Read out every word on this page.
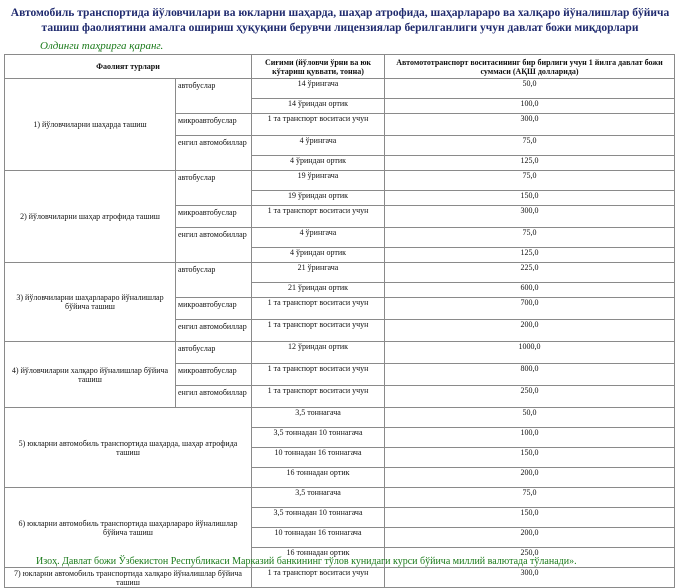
Автомобиль транспортида йўловчилари ва юкларни шаҳарда, шаҳар атрофида, шаҳарлараро ва халқаро йўналишлар бўйича ташиш фаолиятини амалга ошириш ҳуқуқини берувчи лицензиялар берилганлиги учун давлат божи миқдорлари
Олдинги таҳрирга қаранг.
Фаолият турлари		Сиғими (йўловчи ўрни ва юк кўтариш қуввати, тонна)	Автомототранспорт воситасининг бир бирлиги учун 1 йилга давлат божи суммаси (АҚШ долларида)
1) йўловчиларни шаҳарда ташиш	автобуслар	14 ўрингача	50,0
		14 ўриндан ортик	100,0
	микроавтобуслар	1 та транспорт воситаси учун	300,0
	енгил автомобиллар	4 ўрингача	75,0
		4 ўриндан ортик	125,0
2) йўловчиларни шаҳар атрофида ташиш	автобуслар	19 ўрингача	75,0
		19 ўриндан ортик	150,0
	микроавтобуслар	1 та транспорт воситаси учун	300,0
	енгил автомобиллар	4 ўрингача	75,0
		4 ўриндан ортик	125,0
3) йўловчиларни шаҳарлараро йўналишлар бўйича ташиш	автобуслар	21 ўрингача	225,0
		21 ўриндан ортик	600,0
	микроавтобуслар	1 та транспорт воситаси учун	700,0
	енгил автомобиллар	1 та транспорт воситаси учун	200,0
4) йўловчиларни халқаро йўналишлар бўйича ташиш	автобуслар	12 ўриндан ортик	1000,0
	микроавтобуслар	1 та транспорт воситаси учун	800,0
	енгил автомобиллар	1 та транспорт воситаси учун	250,0
5) юкларни автомобиль транспортида шаҳарда, шаҳар атрофида ташиш		3,5 тоннагача	50,0
		3,5 тоннадан 10 тоннагача	100,0
		10 тоннадан 16 тоннагача	150,0
		16 тоннадан ортик	200,0
6) юкларни автомобиль транспортида шаҳарлараро йўналишлар бўйича ташиш		3,5 тоннагача	75,0
		3,5 тоннадан 10 тоннагача	150,0
		10 тоннадан 16 тоннагача	200,0
		16 тоннадан ортик	250,0
7) юкларни автомобиль транспортида халқаро йўналишлар бўйича ташиш		1 та транспорт воситаси учун	300,0
Изоҳ. Давлат божи Ўзбекистон Республикаси Марказий банкининг тўлов кунидаги курси бўйича миллий валютада тўланади».
